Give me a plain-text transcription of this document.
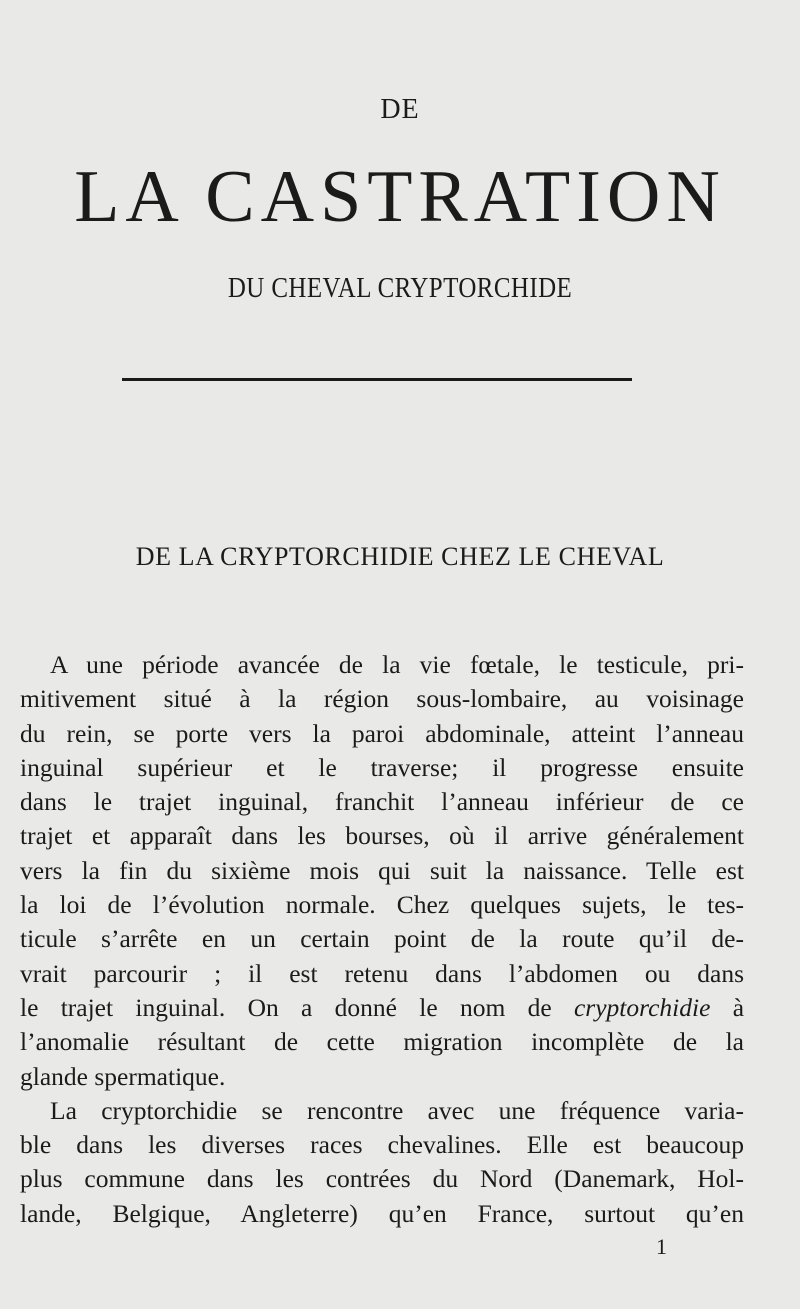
DE
LA CASTRATION
DU CHEVAL CRYPTORCHIDE
DE LA CRYPTORCHIDIE CHEZ LE CHEVAL
A une période avancée de la vie fœtale, le testicule, pri-
mitivement situé à la région sous-lombaire, au voisinage
du rein, se porte vers la paroi abdominale, atteint l’anneau
inguinal supérieur et le traverse; il progresse ensuite
dans le trajet inguinal, franchit l’anneau inférieur de ce
trajet et apparaît dans les bourses, où il arrive généralement
vers la fin du sixième mois qui suit la naissance. Telle est
la loi de l’évolution normale. Chez quelques sujets, le tes-
ticule s’arrête en un certain point de la route qu’il de-
vrait parcourir ; il est retenu dans l’abdomen ou dans
le trajet inguinal. On a donné le nom de cryptorchidie à
l’anomalie résultant de cette migration incomplète de la
glande spermatique.
La cryptorchidie se rencontre avec une fréquence varia-
ble dans les diverses races chevalines. Elle est beaucoup
plus commune dans les contrées du Nord (Danemark, Hol-
lande, Belgique, Angleterre) qu’en France, surtout qu’en
1
